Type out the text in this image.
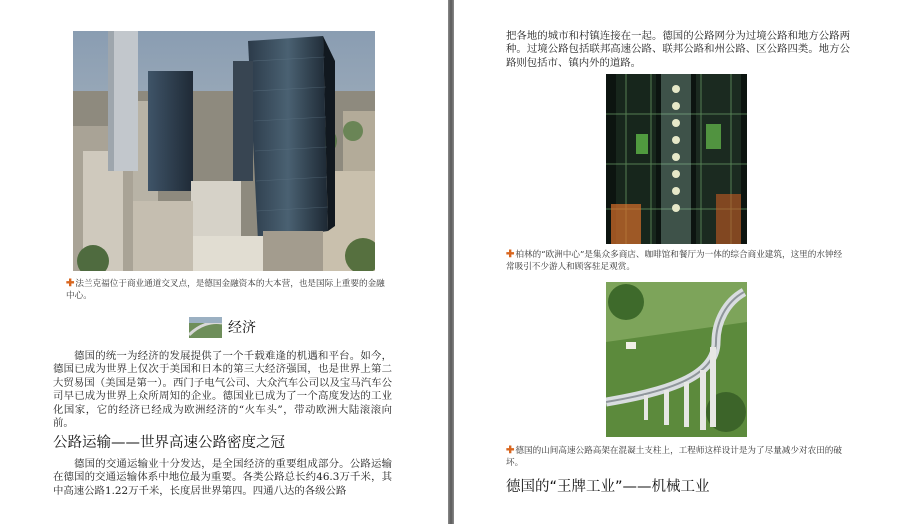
✚法兰克福位于商业通道交叉点，是德国金融资本的大本营，也是国际上重要的金融中心。
经济
德国的统一为经济的发展提供了一个千载难逢的机遇和平台。如今，德国已成为世界上仅次于美国和日本的第三大经济强国，也是世界上第二大贸易国（美国是第一）。西门子电气公司、大众汽车公司以及宝马汽车公司早已成为世界上众所周知的企业。德国业已成为了一个高度发达的工业化国家，它的经济已经成为欧洲经济的“火车头”，带动欧洲大陆滚滚向前。
公路运输——世界高速公路密度之冠
德国的交通运输业十分发达，是全国经济的重要组成部分。公路运输在德国的交通运输体系中地位最为重要。各类公路总长约46.3万千米，其中高速公路1.22万千米，长度居世界第四。四通八达的各级公路
把各地的城市和村镇连接在一起。德国的公路网分为过境公路和地方公路两种。过境公路包括联邦高速公路、联邦公路和州公路、区公路四类。地方公路则包括市、镇内外的道路。
✚柏林的“欧洲中心”是集众多商店、咖啡馆和餐厅为一体的综合商业建筑，这里的水钟经常吸引不少游人和顾客驻足观赏。
✚德国的山间高速公路高架在混凝土支柱上，工程师这样设计是为了尽量减少对农田的破坏。
德国的“王牌工业”——机械工业
